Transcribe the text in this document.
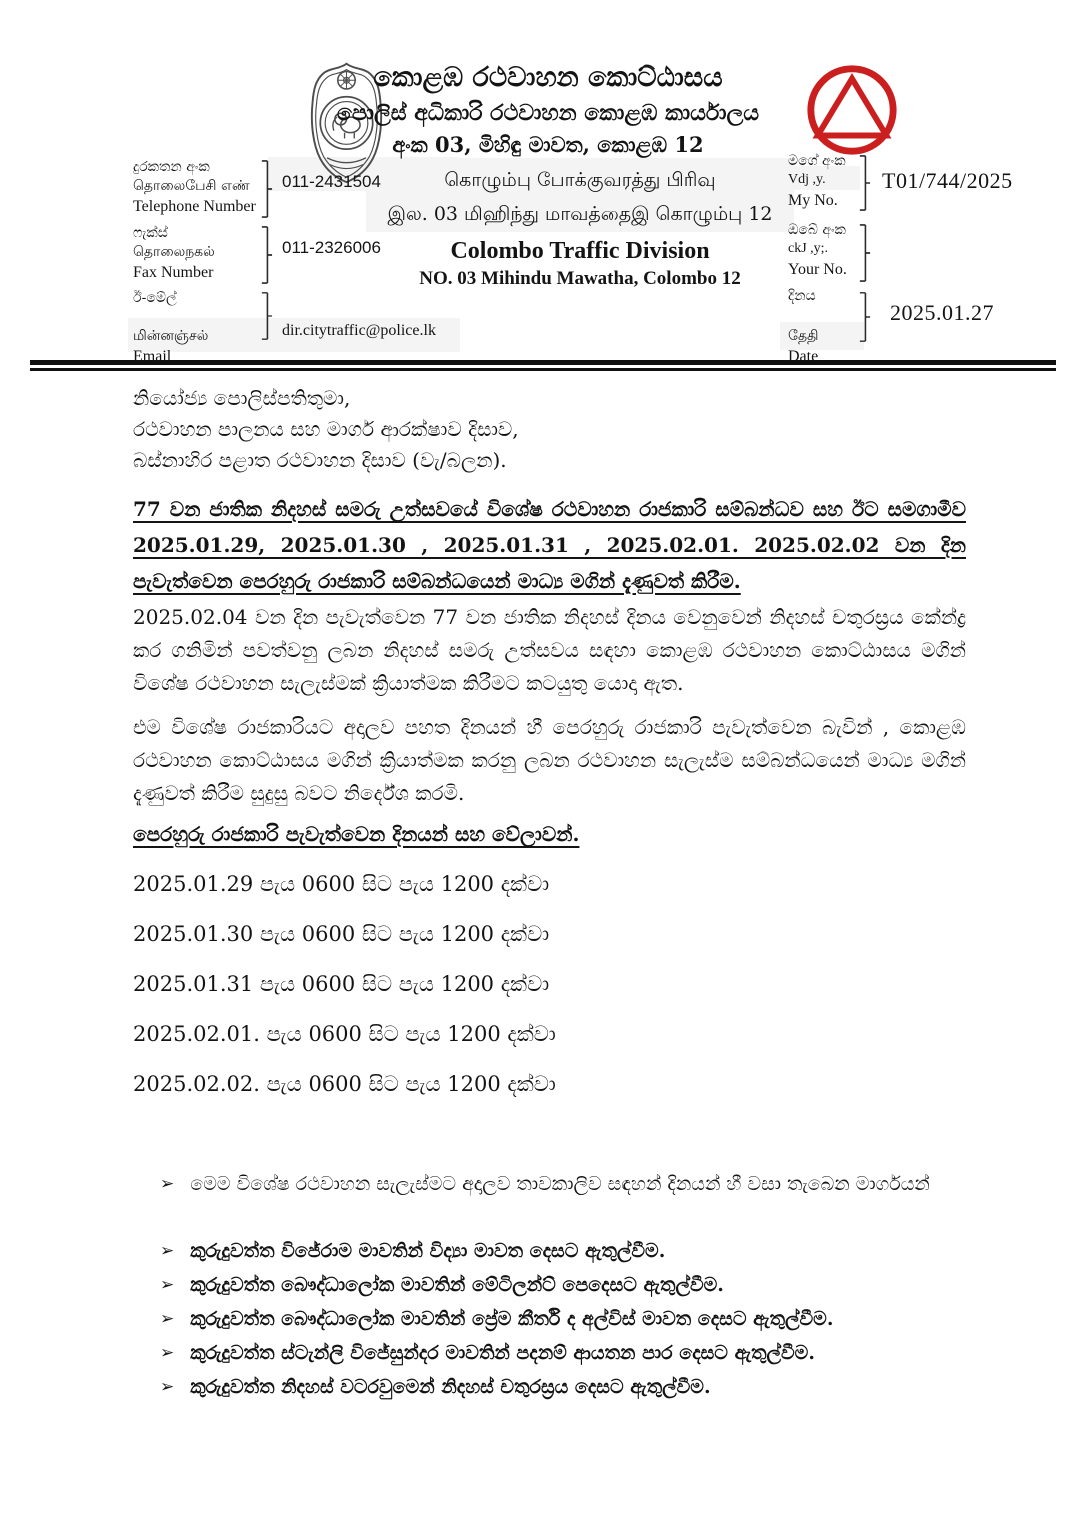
කොළඹ රථවාහන කොට්ඨාසය
පොලිස් අධිකාරි රථවාහන කොළඹ කාර්යාලය
අංක 03, මිහිඳු මාවත, කොළඹ 12
දුරකතන අංක
தொலைபேசி எண்
Telephone Number
011-2431504
ෆැක්ස්
தொலைநகல்
Fax Number
011-2326006
ඊ-මේල්
மின்னஞ்சல்
Email
dir.citytraffic@police.lk
கொழும்பு போக்குவரத்து பிரிவு
இல. 03 மிஹிந்து மாவத்தைஇ கொழும்பு 12
Colombo Traffic Division
NO. 03 Mihindu Mawatha, Colombo 12
මගේ අංක
Vdj ,y.
My No.
T01/744/2025
ඔබේ අංක
ckJ ,y;.
Your No.
දිනය
தேதி
Date
2025.01.27
නියෝජ්‍ය පොලිස්පතිතුමා,
රථවාහන පාලනය සහ මාර්ග ආරක්ෂාව දිසාව,
බස්නාහිර පළාත රථවාහන දිසාව (වැ/බලන).
77 වන ජාතික නිදහස් සමරු උත්සවයේ විශේෂ රථවාහන රාජකාරි සම්බන්ධව සහ ඊට සමගාමීව 2025.01.29, 2025.01.30 , 2025.01.31 , 2025.02.01. 2025.02.02 වන දින පැවැත්වෙන පෙරහුරු රාජකාරි සම්බන්ධයෙන් මාධ්‍ය මගින් දැණුවත් කිරීම.
2025.02.04 වන දින පැවැත්වෙන 77 වන ජාතික නිදහස් දිනය වෙනුවෙන් නිදහස් චතුරස්‍රය කේන්ද්‍ර කර ගනිමින් පවත්වනු ලබන නිදහස් සමරු උත්සවය සඳහා කොළඹ රථවාහන කොට්ඨාසය මගින් විශේෂ රථවාහන සැලැස්මක් ක්‍රියාත්මක කිරීමට කටයුතු යොදා ඇත.
එම විශේෂ රාජකාරියට අදාලව පහත දිනයන් හී පෙරහුරු රාජකාරි පැවැත්වෙන බැවින් , කොළඹ රථවාහන කොට්ඨාසය මගින් ක්‍රියාත්මක කරනු ලබන රථවාහන සැලැස්ම සම්බන්ධයෙන් මාධ්‍ය මගින් දැණුවත් කිරීම සුදුසු බවට නිර්දේශ කරමි.
පෙරහුරු රාජකාරි පැවැත්වෙන දිනයන් සහ වේලාවන්.
2025.01.29 පැය 0600 සිට පැය 1200 දක්වා
2025.01.30 පැය 0600 සිට පැය 1200 දක්වා
2025.01.31 පැය 0600 සිට පැය 1200 දක්වා
2025.02.01. පැය 0600 සිට පැය 1200 දක්වා
2025.02.02. පැය 0600 සිට පැය 1200 දක්වා
➢ මෙම විශේෂ රථවාහන සැලැස්මට අදාලව තාවකාලිව සඳහන් දිනයන් හී වසා තැබෙන මාර්ගයන්
➢ කුරුදුවත්ත විජේරාම මාවතින් විද්‍යා මාවත දෙසට ඇතුල්වීම.
➢ කුරුදුවත්ත බෞද්ධාලෝක මාවතින් මේටිලන්ට් පෙදෙසට ඇතුල්වීම.
➢ කුරුදුවත්ත බෞද්ධාලෝක මාවතින් ප්‍රේම කීර්ති ද අල්විස් මාවත දෙසට ඇතුල්වීම.
➢ කුරුදුවත්ත ස්ටැන්ලි විජේසුන්දර මාවතින් පදනම් ආයතන පාර දෙසට ඇතුල්වීම.
➢ කුරුදුවත්ත නිදහස් වටරවුමෙන් නිදහස් චතුරස්‍රය දෙසට ඇතුල්වීම.
